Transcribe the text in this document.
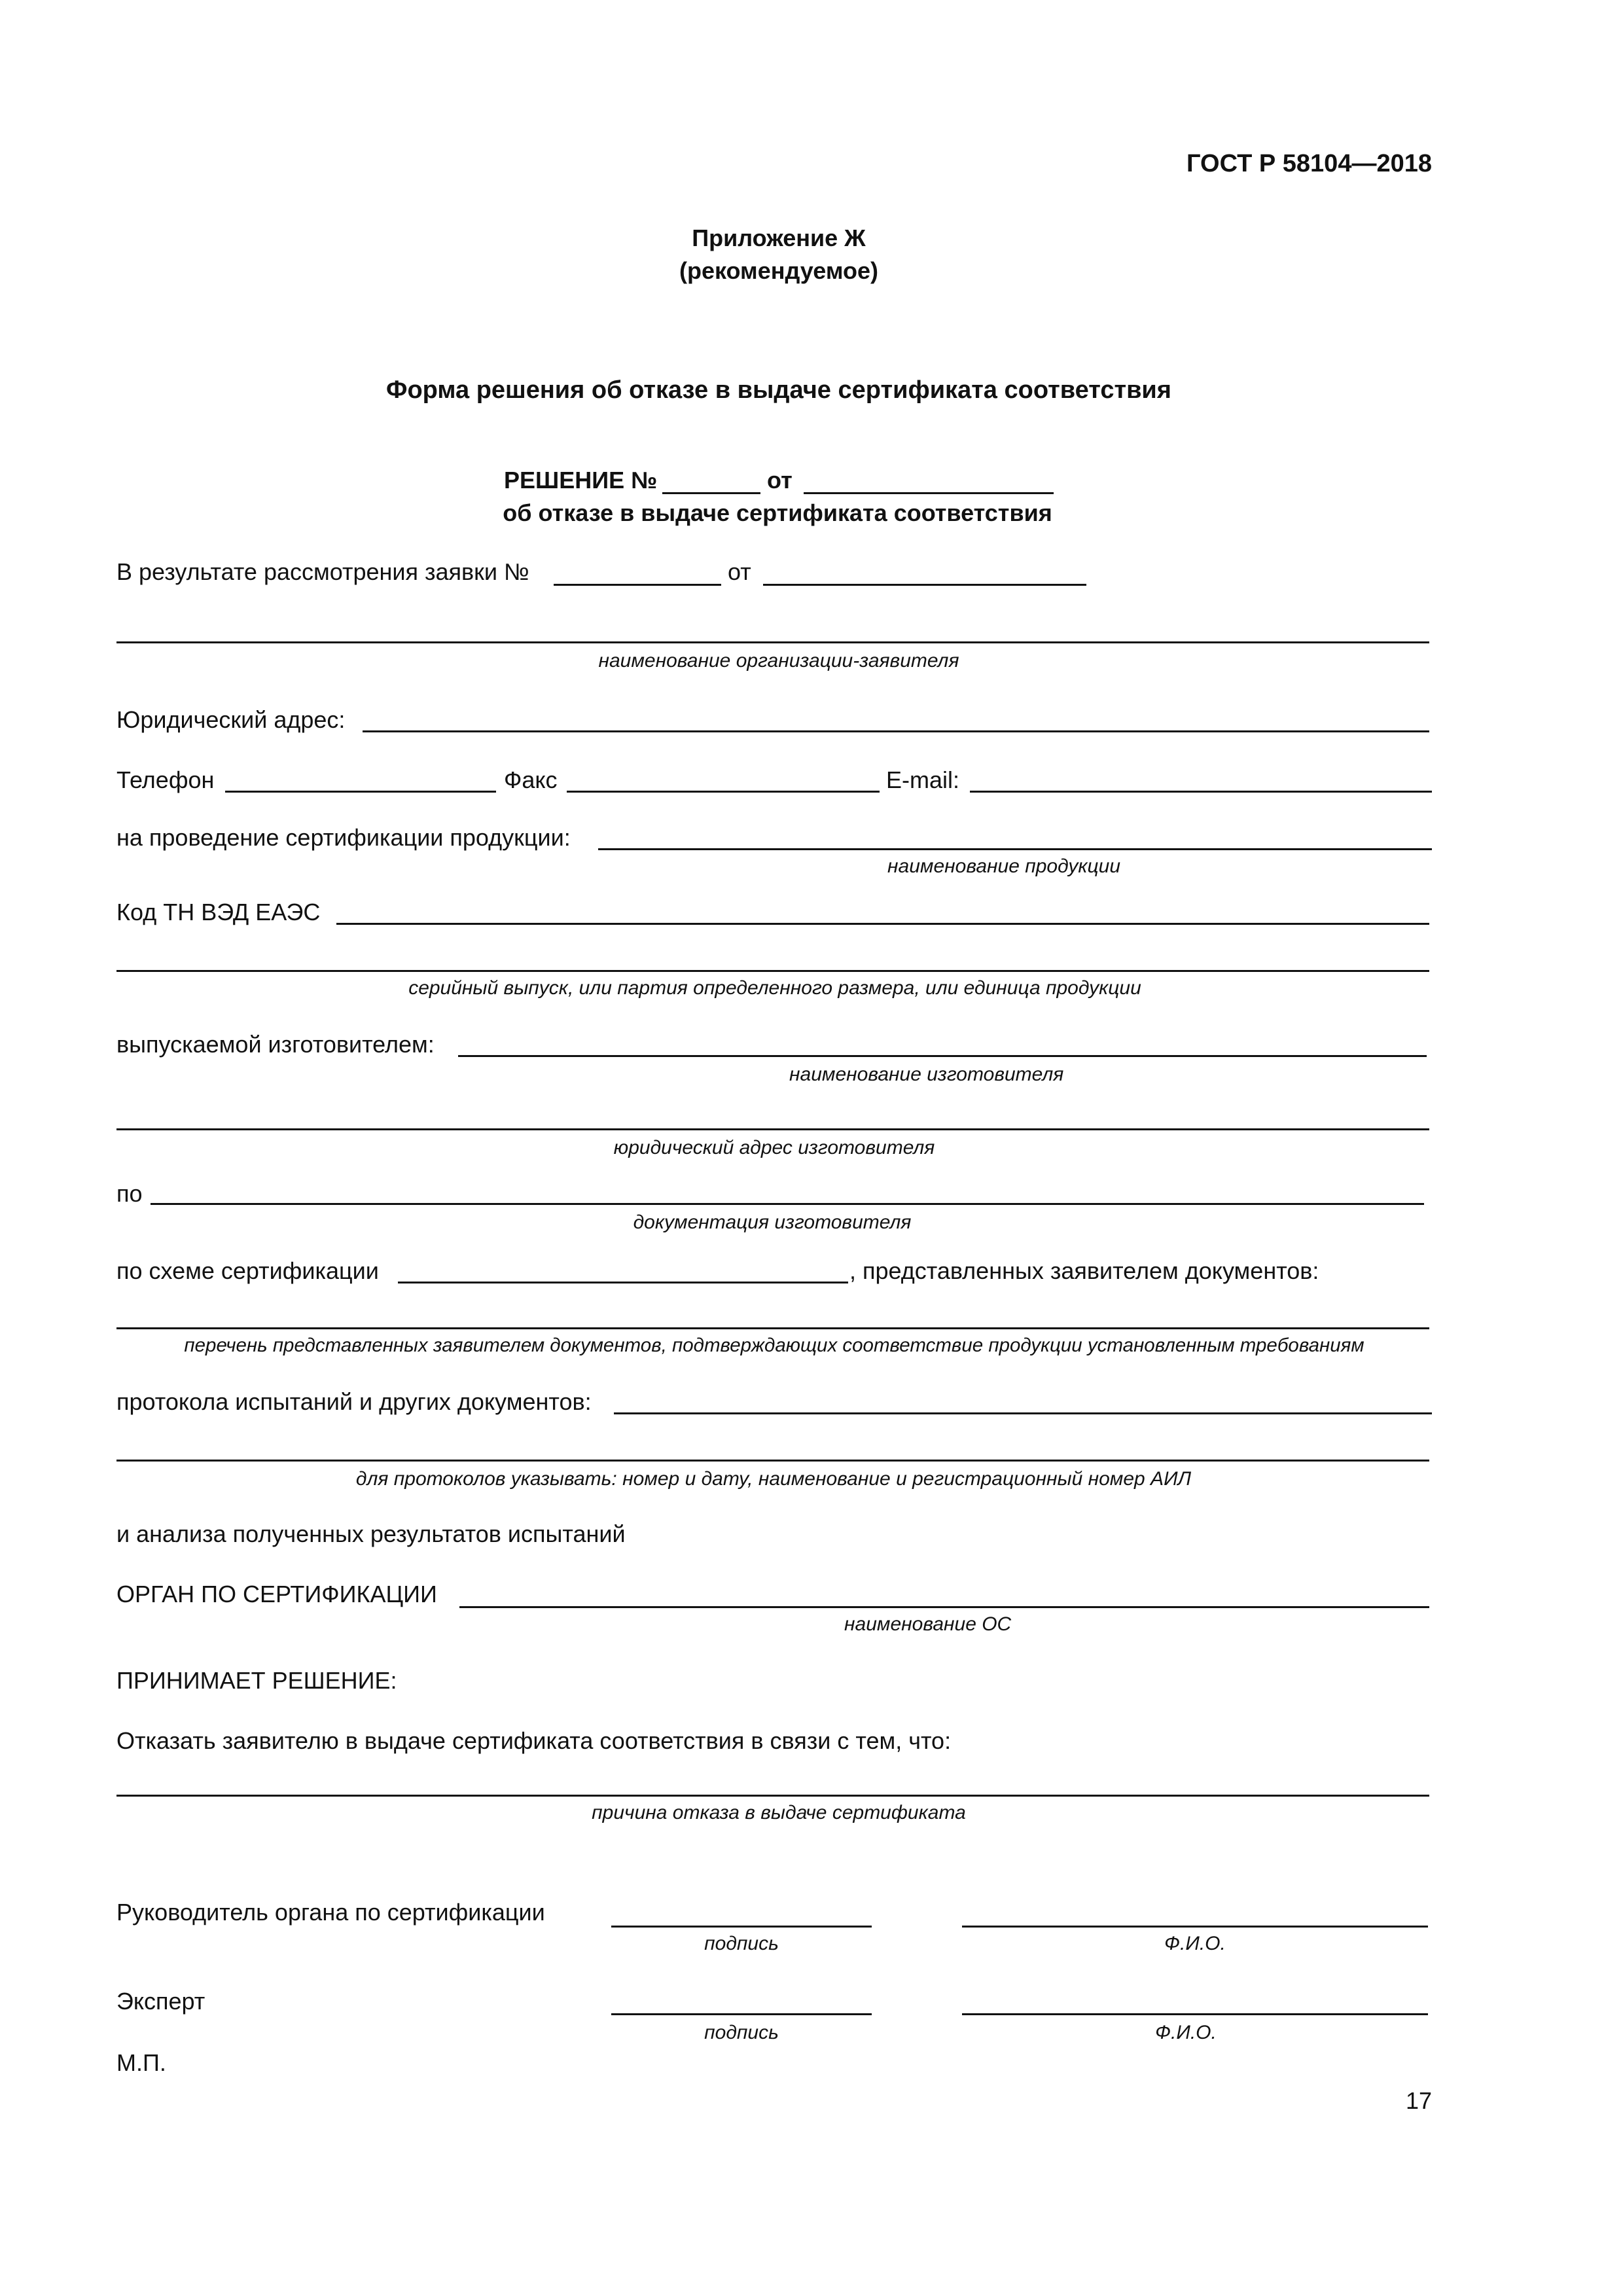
ГОСТ Р 58104—2018
Приложение Ж
(рекомендуемое)
Форма решения об отказе в выдаче сертификата соответствия
РЕШЕНИЕ №	от
об отказе в выдаче сертификата соответствия
В результате рассмотрения заявки №	от
наименование организации-заявителя
Юридический адрес:
Телефон	Факс	E-mail:
на проведение сертификации продукции:
наименование продукции
Код ТН ВЭД ЕАЭС
серийный выпуск, или партия определенного размера, или единица продукции
выпускаемой изготовителем:
наименование изготовителя
юридический адрес изготовителя
по
документация изготовителя
по схеме сертификации	, представленных заявителем документов:
перечень представленных заявителем документов, подтверждающих соответствие продукции установленным требованиям
протокола испытаний и других документов:
для протоколов указывать: номер и дату, наименование и регистрационный номер АИЛ
и анализа полученных результатов испытаний
ОРГАН ПО СЕРТИФИКАЦИИ
наименование ОС
ПРИНИМАЕТ РЕШЕНИЕ:
Отказать заявителю в выдаче сертификата соответствия в связи с тем, что:
причина отказа в выдаче сертификата
Руководитель органа по сертификации
подпись	Ф.И.О.
Эксперт
подпись	Ф.И.О.
М.П.
17
